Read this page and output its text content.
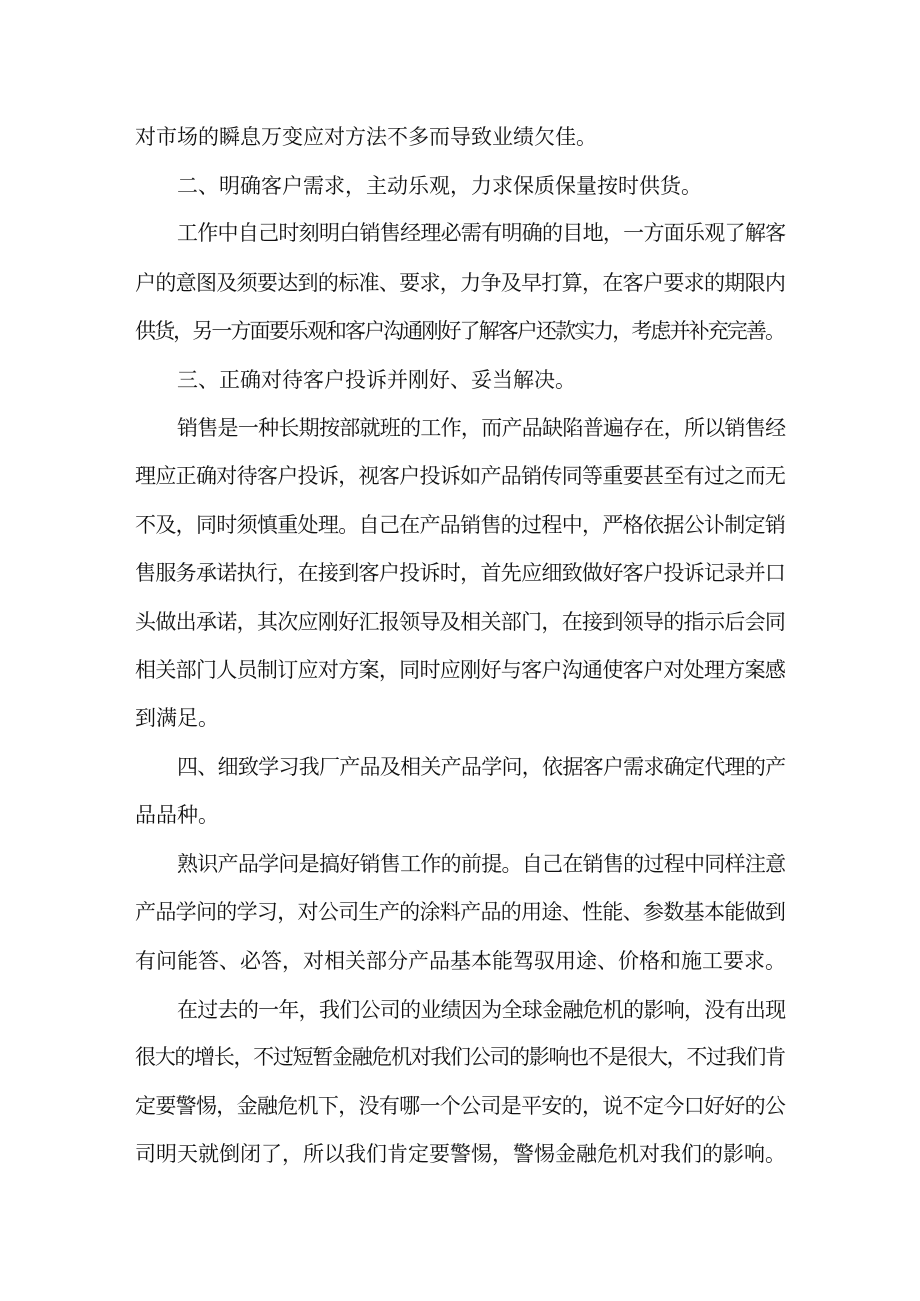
对市场的瞬息万变应对方法不多而导致业绩欠佳。

二、明确客户需求，主动乐观，力求保质保量按时供货。

工作中自己时刻明白销售经理必需有明确的目地，一方面乐观了解客

户的意图及须要达到的标准、要求，力争及早打算，在客户要求的期限内

供货，另一方面要乐观和客户沟通刚好了解客户还款实力，考虑并补充完善。

三、正确对待客户投诉并刚好、妥当解决。

销售是一种长期按部就班的工作，而产品缺陷普遍存在，所以销售经

理应正确对待客户投诉，视客户投诉如产品销传同等重要甚至有过之而无

不及，同时须慎重处理。自己在产品销售的过程中，严格依据公讣制定销

售服务承诺执行，在接到客户投诉时，首先应细致做好客户投诉记录并口

头做出承诺，其次应刚好汇报领导及相关部门，在接到领导的指示后会同

相关部门人员制订应对方案，同时应刚好与客户沟通使客户对处理方案感

到满足。

四、细致学习我厂产品及相关产品学问，依据客户需求确定代理的产

品品种。

熟识产品学问是搞好销售工作的前提。自己在销售的过程中同样注意

产品学问的学习，对公司生产的涂料产品的用途、性能、参数基本能做到

有问能答、必答，对相关部分产品基本能驾驭用途、价格和施工要求。

在过去的一年，我们公司的业绩因为全球金融危机的影响，没有出现

很大的增长，不过短暂金融危机对我们公司的影响也不是很大，不过我们肯

定要警惕，金融危机下，没有哪一个公司是平安的，说不定今口好好的公

司明天就倒闭了，所以我们肯定要警惕，警惕金融危机对我们的影响。
